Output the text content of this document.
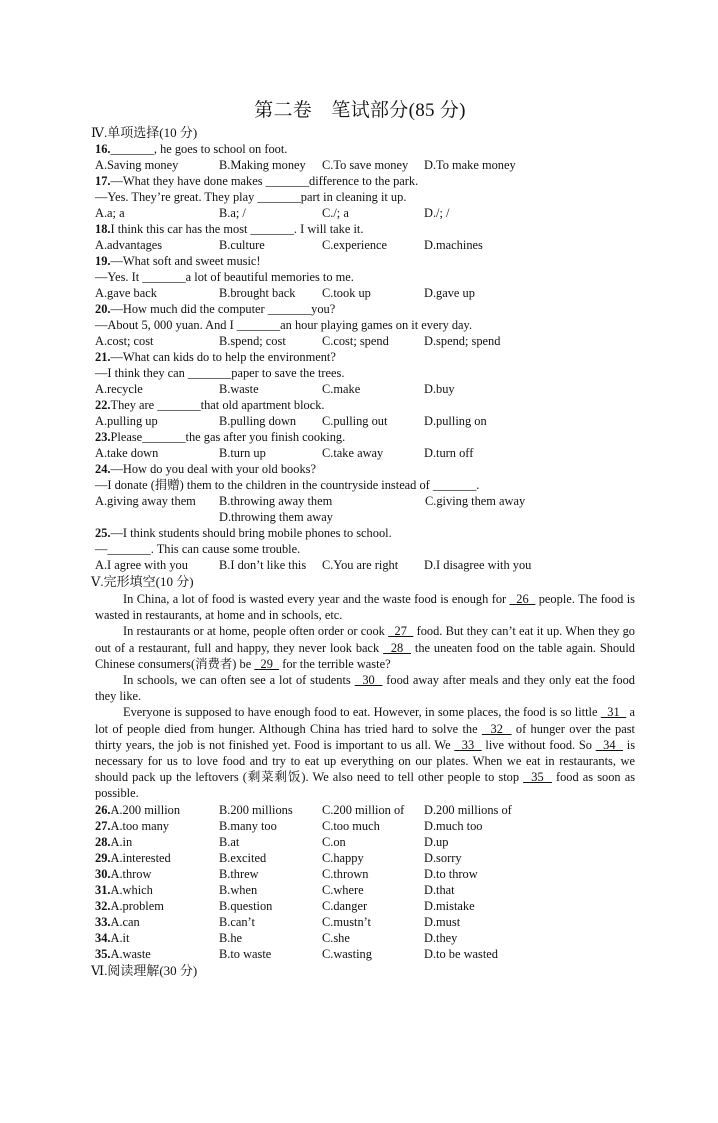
第二卷　笔试部分(85 分)
Ⅳ.单项选择(10 分)
16._______, he goes to school on foot.
A.Saving money	B.Making money	C.To save money	D.To make money
17.—What they have done makes _______difference to the park.
—Yes. They’re great. They play _______part in cleaning it up.
A.a; a	B.a; /	C./; a	D./; /
18.I think this car has the most _______. I will take it.
A.advantages	B.culture	C.experience	D.machines
19.—What soft and sweet music!
—Yes. It _______a lot of beautiful memories to me.
A.gave back	B.brought back	C.took up	D.gave up
20.—How much did the computer _______you?
—About 5, 000 yuan. And I _______an hour playing games on it every day.
A.cost; cost	B.spend; cost	C.cost; spend	D.spend; spend
21.—What can kids do to help the environment?
—I think they can _______paper to save the trees.
A.recycle	B.waste	C.make	D.buy
22.They are _______that old apartment block.
A.pulling up	B.pulling down	C.pulling out	D.pulling on
23.Please_______the gas after you finish cooking.
A.take down	B.turn up	C.take away	D.turn off
24.—How do you deal with your old books?
—I donate (捐赠) them to the children in the countryside instead of _______.
A.giving away them	B.throwing away them	C.giving them away
D.throwing them away
25.—I think students should bring mobile phones to school.
—_______. This can cause some trouble.
A.I agree with you	B.I don’t like this	C.You are right	D.I disagree with you
Ⅴ.完形填空(10 分)
In China, a lot of food is wasted every year and the waste food is enough for   26   people. The food is wasted in restaurants, at home and in schools, etc.
In restaurants or at home, people often order or cook   27   food. But they can’t eat it up. When they go out of a restaurant, full and happy, they never look back   28   the uneaten food on the table again. Should Chinese consumers(消费者) be   29   for the terrible waste?
In schools, we can often see a lot of students   30   food away after meals and they only eat the food they like.
Everyone is supposed to have enough food to eat. However, in some places, the food is so little   31   a lot of people died from hunger. Although China has tried hard to solve the   32   of hunger over the past thirty years, the job is not finished yet. Food is important to us all. We   33   live without food. So   34   is necessary for us to love food and try to eat up everything on our plates. When we eat in restaurants, we should pack up the leftovers (剩菜剩饭). We also need to tell other people to stop   35   food as soon as possible.
26.A.200 million	B.200 millions	C.200 million of	D.200 millions of
27.A.too many	B.many too	C.too much	D.much too
28.A.in	B.at	C.on	D.up
29.A.interested	B.excited	C.happy	D.sorry
30.A.throw	B.threw	C.thrown	D.to throw
31.A.which	B.when	C.where	D.that
32.A.problem	B.question	C.danger	D.mistake
33.A.can	B.can’t	C.mustn’t	D.must
34.A.it	B.he	C.she	D.they
35.A.waste	B.to waste	C.wasting	D.to be wasted
Ⅵ.阅读理解(30 分)
